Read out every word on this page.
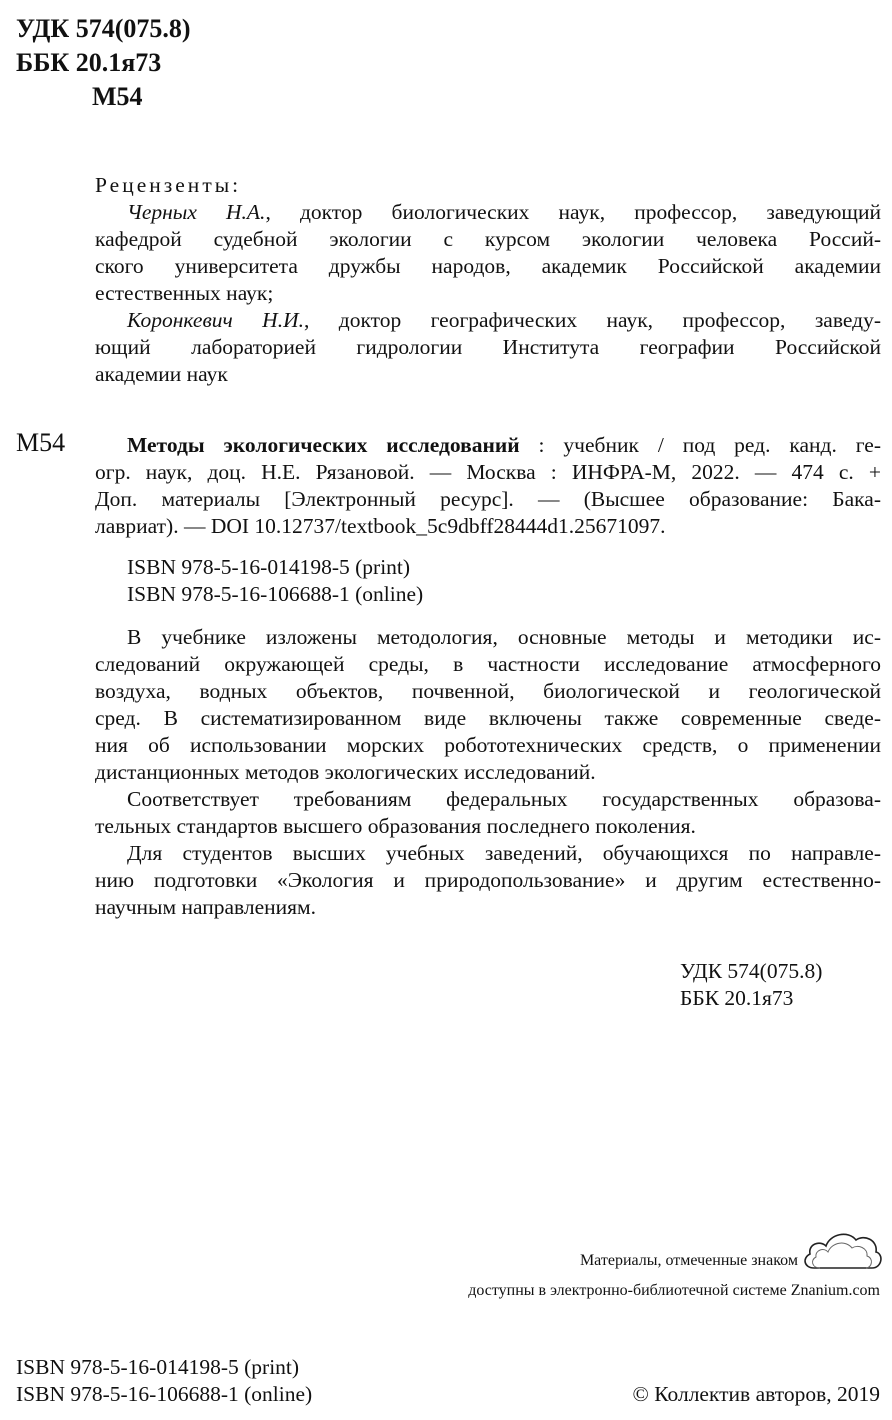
УДК 574(075.8)
ББК 20.1я73
М54
Рецензенты:
Черных Н.А., доктор биологических наук, профессор, заведующий
кафедрой судебной экологии с курсом экологии человека Россий-
ского университета дружбы народов, академик Российской академии
естественных наук;
Коронкевич Н.И., доктор географических наук, профессор, заведу-
ющий лабораторией гидрологии Института географии Российской
академии наук
М54	Методы экологических исследований : учебник / под ред. канд. ге-
огр. наук, доц. Н.Е. Рязановой. — Москва : ИНФРА-М, 2022. — 474 с. +
Доп. материалы [Электронный ресурс]. — (Высшее образование: Бака-
лавриат). — DOI 10.12737/textbook_5c9dbff28444d1.25671097.
ISBN 978-5-16-014198-5 (print)
ISBN 978-5-16-106688-1 (online)
В учебнике изложены методология, основные методы и методики ис-
следований окружающей среды, в частности исследование атмосферного
воздуха, водных объектов, почвенной, биологической и геологической
сред. В систематизированном виде включены также современные сведе-
ния об использовании морских робототехнических средств, о применении
дистанционных методов экологических исследований.
Соответствует требованиям федеральных государственных образова-
тельных стандартов высшего образования последнего поколения.
Для студентов высших учебных заведений, обучающихся по направле-
нию подготовки «Экология и природопользование» и другим естественно-
научным направлениям.
УДК 574(075.8)
ББК 20.1я73
Материалы, отмеченные знаком
доступны в электронно-библиотечной системе Znanium.com
ISBN 978-5-16-014198-5 (print)
ISBN 978-5-16-106688-1 (online)	© Коллектив авторов, 2019
